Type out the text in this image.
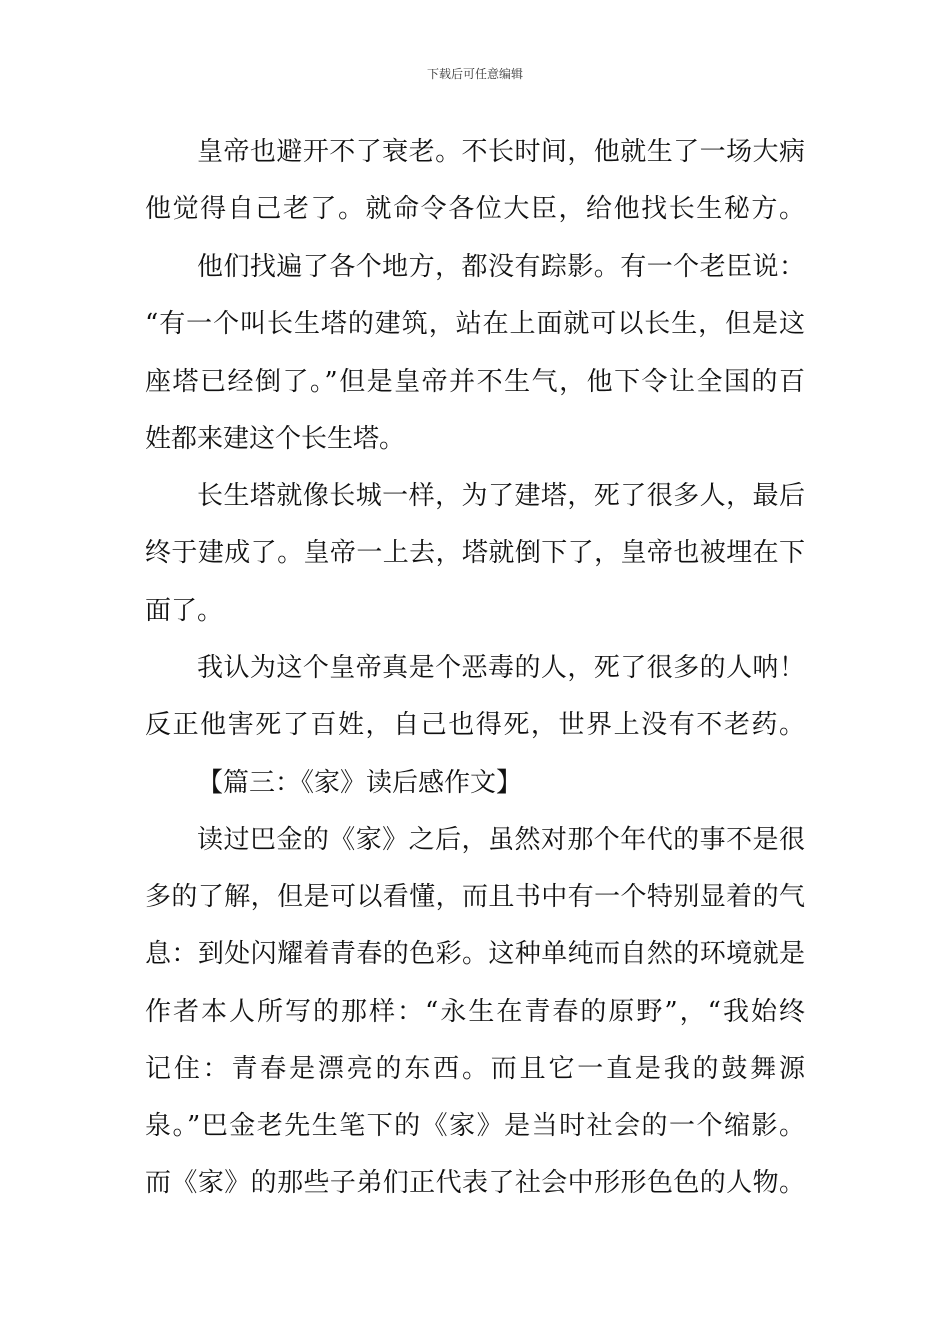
下载后可任意编辑
皇帝也避开不了衰老。不长时间，他就生了一场大病
他觉得自己老了。就命令各位大臣，给他找长生秘方。
他们找遍了各个地方，都没有踪影。有一个老臣说：
“有一个叫长生塔的建筑，站在上面就可以长生，但是这
座塔已经倒了。”但是皇帝并不生气，他下令让全国的百
姓都来建这个长生塔。
长生塔就像长城一样，为了建塔，死了很多人，最后
终于建成了。皇帝一上去，塔就倒下了，皇帝也被埋在下
面了。
我认为这个皇帝真是个恶毒的人，死了很多的人呐！
反正他害死了百姓，自己也得死，世界上没有不老药。
【篇三：《家》读后感作文】
读过巴金的《家》之后，虽然对那个年代的事不是很
多的了解，但是可以看懂，而且书中有一个特别显着的气
息：到处闪耀着青春的色彩。这种单纯而自然的环境就是
作者本人所写的那样：“永生在青春的原野”，“我始终
记住：青春是漂亮的东西。而且它一直是我的鼓舞源
泉。”巴金老先生笔下的《家》是当时社会的一个缩影。
而《家》的那些子弟们正代表了社会中形形色色的人物。
